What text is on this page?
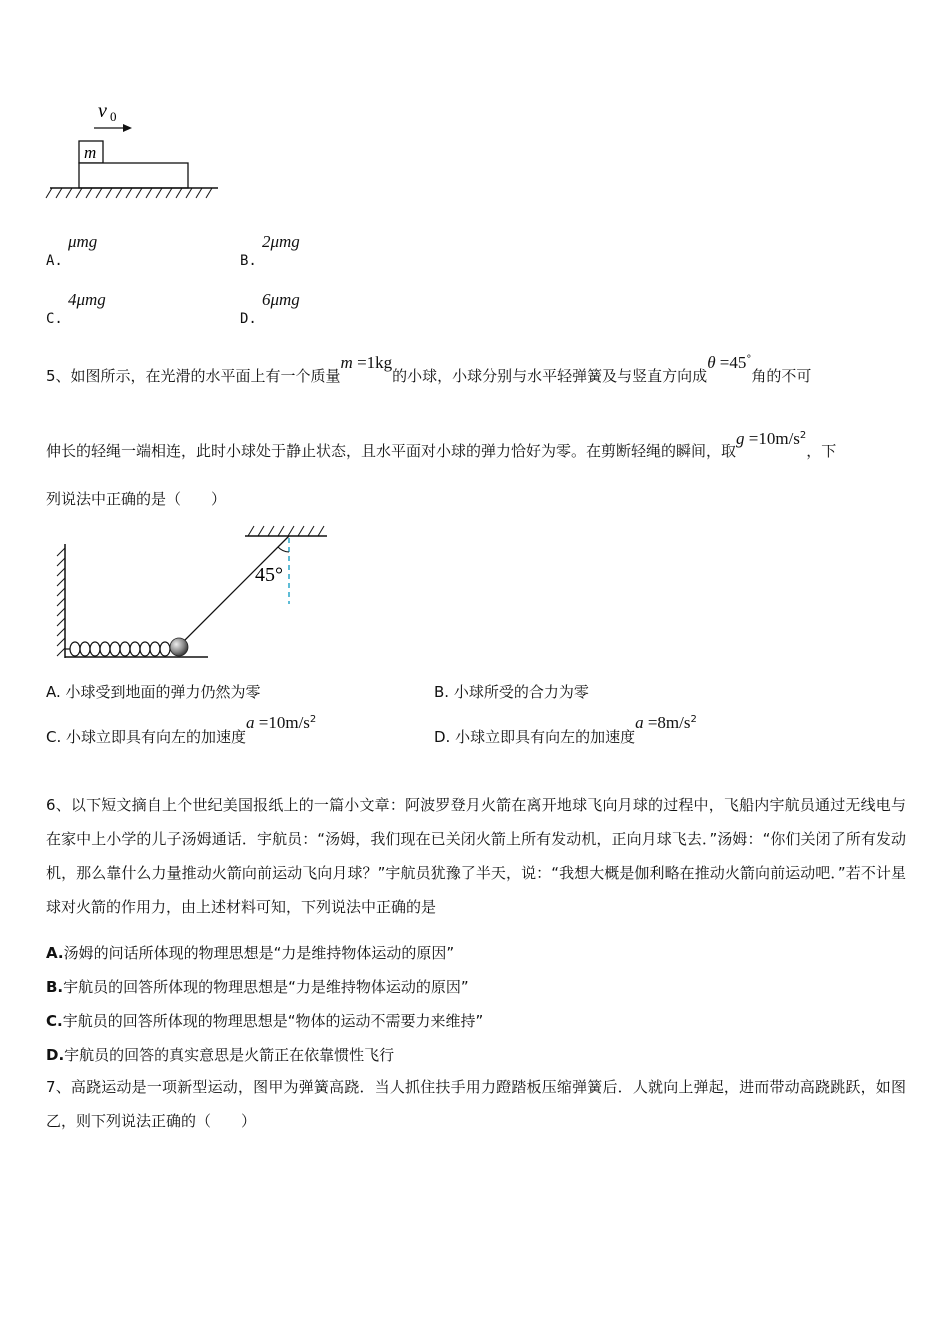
v 0
m
A. μmg
B. 2μmg
C. 4μmg
D. 6μmg
5、如图所示，在光滑的水平面上有一个质量m =1kg的小球，小球分别与水平轻弹簧及与竖直方向成θ =45°角的不可
伸长的轻绳一端相连，此时小球处于静止状态，且水平面对小球的弹力恰好为零。在剪断轻绳的瞬间，取$g =10m/s^2$，下
列说法中正确的是（　　）
45°
A. 小球受到地面的弹力仍然为零	B. 小球所受的合力为零
C. 小球立即具有向左的加速度$a =10m/s^2$
D. 小球立即具有向左的加速度$a =8m/s^2$
6、以下短文摘自上个世纪美国报纸上的一篇小文章：阿波罗登月火箭在离开地球飞向月球的过程中，飞船内宇航员通过无线电与在家中上小学的儿子汤姆通话．宇航员：“汤姆，我们现在已关闭火箭上所有发动机，正向月球飞去．”汤姆：“你们关闭了所有发动机，那么靠什么力量推动火箭向前运动飞向月球？”宇航员犹豫了半天，说：“我想大概是伽利略在推动火箭向前运动吧．”若不计星球对火箭的作用力，由上述材料可知，下列说法中正确的是
A.汤姆的问话所体现的物理思想是“力是维持物体运动的原因”
B.宇航员的回答所体现的物理思想是“力是维持物体运动的原因”
C.宇航员的回答所体现的物理思想是“物体的运动不需要力来维持”
D.宇航员的回答的真实意思是火箭正在依靠惯性飞行
7、高跷运动是一项新型运动，图甲为弹簧高跷．当人抓住扶手用力蹬踏板压缩弹簧后．人就向上弹起，进而带动高跷跳跃，如图乙，则下列说法正确的（　　）
